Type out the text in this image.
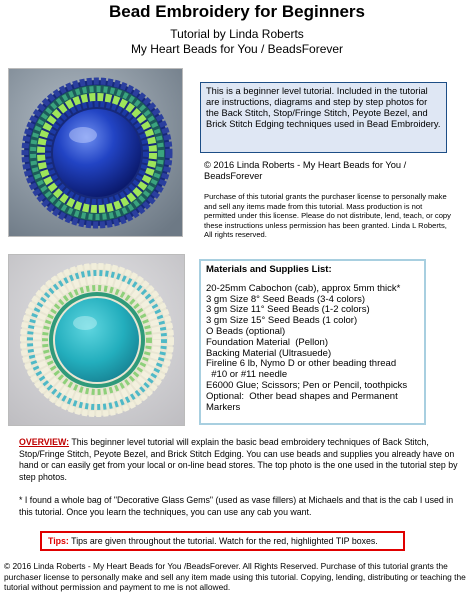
Bead Embroidery for Beginners
Tutorial by Linda Roberts
My Heart Beads for You / BeadsForever
This is a beginner level tutorial. Included in the tutorial are instructions, diagrams and step by step photos for the Back Stitch, Stop/Fringe Stitch, Peyote Bezel, and Brick Stitch Edging techniques used in Bead Embroidery.
© 2016 Linda Roberts - My Heart Beads for You / BeadsForever
Purchase of this tutorial grants the purchaser license to personally make and sell any items made from this tutorial. Mass production is not permitted under this license. Please do not distribute, lend, teach, or copy these instructions unless permission has been granted. Linda L Roberts, All rights reserved.
Materials and Supplies List:
20-25mm Cabochon (cab), approx 5mm thick*
3 gm Size 8° Seed Beads (3-4 colors)
3 gm Size 11° Seed Beads (1-2 colors)
3 gm Size 15° Seed Beads (1 color)
O Beads (optional)
Foundation Material  (Pellon)
Backing Material (Ultrasuede)
Fireline 6 lb, Nymo D or other beading thread
#10 or #11 needle
E6000 Glue; Scissors; Pen or Pencil, toothpicks
Optional:  Other bead shapes and Permanent
Markers
OVERVIEW: This beginner level tutorial will explain the basic bead embroidery techniques of Back Stitch, Stop/Fringe Stitch, Peyote Bezel, and Brick Stitch Edging. You can use beads and supplies you already have on hand or can easily get from your local or on-line bead stores. The top photo is the one used in the tutorial step by step photos.
* I found a whole bag of "Decorative Glass Gems" (used as vase fillers) at Michaels and that is the cab I used in this tutorial. Once you learn the techniques, you can use any cab you want.
Tips: Tips are given throughout the tutorial. Watch for the red, highlighted TIP boxes.
© 2016 Linda Roberts - My Heart Beads for You /BeadsForever. All Rights Reserved. Purchase of this tutorial grants the purchaser license to personally make and sell any item made using this tutorial. Copying, lending, distributing or teaching the tutorial without permission and payment to me is not allowed.
